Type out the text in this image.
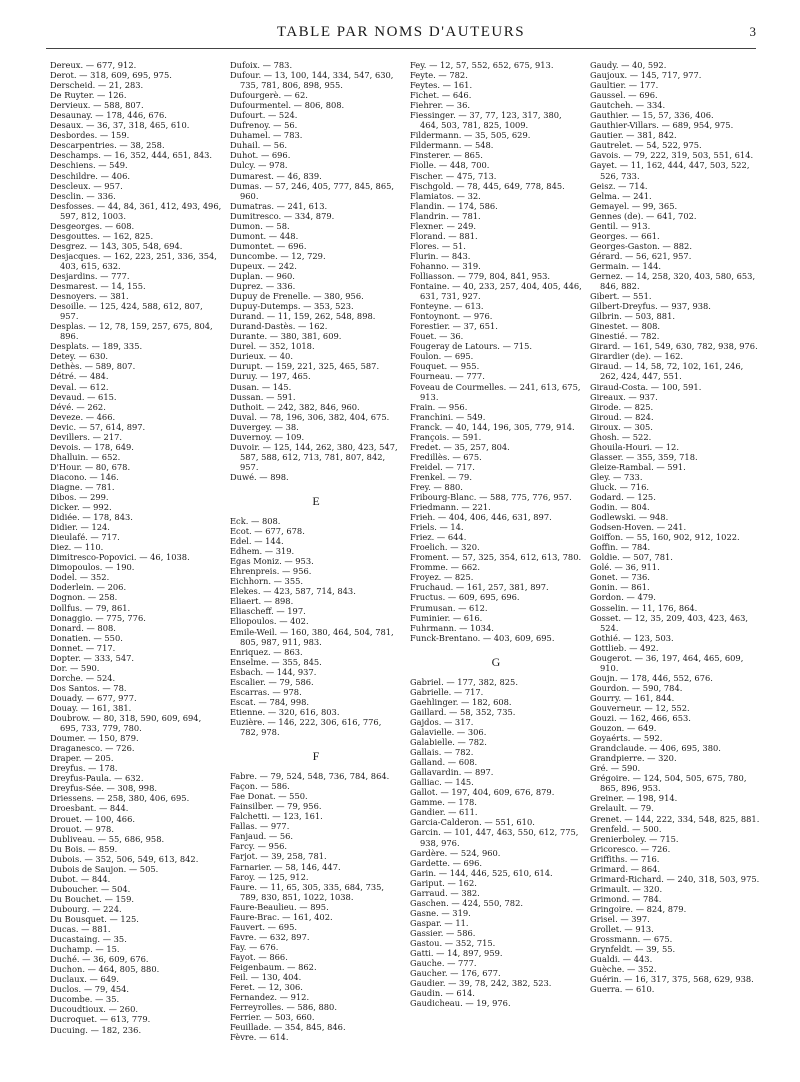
TABLE PAR NOMS D'AUTEURS	3
Dereux. — 677, 912.
Derot. — 318, 609, 695, 975.
Derscheid. — 21, 283.
De Ruyter. — 126.
Dervieux. — 588, 807.
Desaunay. — 178, 446, 676.
Desaux. — 36, 37, 318, 465, 610.
Desbordes. — 159.
Descarpentries. — 38, 258.
Deschamps. — 16, 352, 444, 651, 843.
Deschiens. — 549.
Deschildre. — 406.
Descleux. — 957.
Desclin. — 336.
Desfosses. — 44, 84, 361, 412, 493, 496, 597, 812, 1003.
Desgeorges. — 608.
Desgouttes. — 162, 825.
Desgrez. — 143, 305, 548, 694.
Desjacques. — 162, 223, 251, 336, 354, 403, 615, 632.
Desjardins. — 777.
Desmarest. — 14, 155.
Desnoyers. — 381.
Desoille. — 125, 424, 588, 612, 807, 957.
Desplas. — 12, 78, 159, 257, 675, 804, 896.
Desplats. — 189, 335.
Detey. — 630.
Dethès. — 589, 807.
Détré. — 484.
Deval. — 612.
Devaud. — 615.
Dévé. — 262.
Deveze. — 466.
Devic. — 57, 614, 897.
Devillers. — 217.
Devois. — 178, 649.
Dhalluin. — 652.
D'Hour. — 80, 678.
Diacono. — 146.
Diagne. — 781.
Dibos. — 299.
Dicker. — 992.
Didiée. — 178, 843.
Didier. — 124.
Dieulafé. — 717.
Diez. — 110.
Dimitresco-Popovici. — 46, 1038.
Dimopoulos. — 190.
Dodel. — 352.
Doderlein. — 206.
Dognon. — 258.
Dollfus. — 79, 861.
Donaggio. — 775, 776.
Donard. — 808.
Donatien. — 550.
Donnet. — 717.
Dopter. — 333, 547.
Dor. — 590.
Dorche. — 524.
Dos Santos. — 78.
Douady. — 677, 977.
Douay. — 161, 381.
Doubrow. — 80, 318, 590, 609, 694, 695, 733, 779, 780.
Doumer. — 150, 879.
Draganesco. — 726.
Draper. — 205.
Dreyfus. — 178.
Dreyfus-Paula. — 632.
Dreyfus-Sée. — 308, 998.
Driessens. — 258, 380, 406, 695.
Droesbant. — 844.
Drouet. — 100, 466.
Drouot. — 978.
Dubliveau. — 55, 686, 958.
Du Bois. — 859.
Dubois. — 352, 506, 549, 613, 842.
Dubois de Saujon. — 505.
Dubot. — 844.
Duboucher. — 504.
Du Bouchet. — 159.
Dubourg. — 224.
Du Bousquet. — 125.
Ducas. — 881.
Ducastaing. — 35.
Duchamp. — 15.
Duché. — 36, 609, 676.
Duchon. — 464, 805, 880.
Duclaux. — 649.
Duclos. — 79, 454.
Ducombe. — 35.
Ducoudtioux. — 260.
Ducroquet. — 613, 779.
Ducuing. — 182, 236.
Dufoix. — 783.
Dufour. — 13, 100, 144, 334, 547, 630, 735, 781, 806, 898, 955.
Dufourgerè. — 62.
Dufourmentel. — 806, 808.
Dufourt. — 524.
Dufrenoy. — 56.
Duhamel. — 783.
Duhail. — 56.
Duhot. — 696.
Dulcy. — 978.
Dumarest. — 46, 839.
Dumas. — 57, 246, 405, 777, 845, 865, 960.
Dumatras. — 241, 613.
Dumitresco. — 334, 879.
Dumon. — 58.
Dumont. — 448.
Dumontet. — 696.
Duncombe. — 12, 729.
Dupeux. — 242.
Duplan. — 960.
Duprez. — 336.
Dupuy de Frenelle. — 380, 956.
Dupuy-Dutemps. — 353, 523.
Durand. — 11, 159, 262, 548, 898.
Durand-Dastès. — 162.
Durante. — 380, 381, 609.
Durel. — 352, 1018.
Durieux. — 40.
Durupt. — 159, 221, 325, 465, 587.
Duruy. — 197, 465.
Dusan. — 145.
Dussan. — 591.
Duthoit. — 242, 382, 846, 960.
Duval. — 78, 196, 306, 382, 404, 675.
Duvergey. — 38.
Duvernoy. — 109.
Duvoir. — 125, 144, 262, 380, 423, 547, 587, 588, 612, 713, 781, 807, 842, 957.
Duwé. — 898.
E
Eck. — 808.
Ecot. — 677, 678.
Edel. — 144.
Edhem. — 319.
Egas Moniz. — 953.
Ehrenpreis. — 956.
Eichhorn. — 355.
Elekes. — 423, 587, 714, 843.
Eliaert. — 898.
Eliascheff. — 197.
Eliopoulos. — 402.
Emile-Weil. — 160, 380, 464, 504, 781, 805, 987, 911, 983.
Enriquez. — 863.
Enselme. — 355, 845.
Esbach. — 144, 937.
Escalier. — 79, 586.
Escarras. — 978.
Escat. — 784, 998.
Etienne. — 320, 616, 803.
Euzière. — 146, 222, 306, 616, 776, 782, 978.
F
Fabre. — 79, 524, 548, 736, 784, 864.
Façon. — 586.
Fae Donat. — 550.
Fainsilber. — 79, 956.
Falchetti. — 123, 161.
Fallas. — 977.
Fanjaud. — 56.
Farcy. — 956.
Farjot. — 39, 258, 781.
Farnarier. — 58, 146, 447.
Faroy. — 125, 912.
Faure. — 11, 65, 305, 335, 684, 735, 789, 830, 851, 1022, 1038.
Faure-Beaulieu. — 895.
Faure-Brac. — 161, 402.
Fauvert. — 695.
Favre. — 632, 897.
Fay. — 676.
Fayot. — 866.
Feigenbaum. — 862.
Feil. — 130, 404.
Feret. — 12, 306.
Fernandez. — 912.
Ferreyrolles. — 586, 880.
Ferrier. — 503, 660.
Feuillade. — 354, 845, 846.
Fèvre. — 614.
Fey. — 12, 57, 552, 652, 675, 913.
Feyte. — 782.
Feytes. — 161.
Fichet. — 646.
Fiehrer. — 36.
Fiessinger. — 37, 77, 123, 317, 380, 464, 503, 781, 825, 1009.
Fildermann. — 35, 505, 629.
Fildermann. — 548.
Finsterer. — 865.
Fiolle. — 448, 700.
Fischer. — 475, 713.
Fischgold. — 78, 445, 649, 778, 845.
Flamiatos. — 32.
Flandin. — 174, 586.
Flandrin. — 781.
Flexner. — 249.
Florand. — 881.
Flores. — 51.
Flurin. — 843.
Fohanno. — 319.
Folliasson. — 779, 804, 841, 953.
Fontaine. — 40, 233, 257, 404, 405, 446, 631, 731, 927.
Fonteyne. — 613.
Fontoynont. — 976.
Forestier. — 37, 651.
Fouet. — 36.
Fougeray de Latours. — 715.
Foulon. — 695.
Fouquet. — 955.
Fourneau. — 777.
Foveau de Courmelles. — 241, 613, 675, 913.
Frain. — 956.
Franchini. — 549.
Franck. — 40, 144, 196, 305, 779, 914.
François. — 591.
Fredet. — 35, 257, 804.
Fredillès. — 675.
Freidel. — 717.
Frenkel. — 79.
Frey. — 880.
Fribourg-Blanc. — 588, 775, 776, 957.
Friedmann. — 221.
Frieh. — 404, 406, 446, 631, 897.
Friels. — 14.
Friez. — 644.
Froelich. — 320.
Froment. — 57, 325, 354, 612, 613, 780.
Fromme. — 662.
Froyez. — 825.
Fruchaud. — 161, 257, 381, 897.
Fructus. — 609, 695, 696.
Frumusan. — 612.
Fuminier. — 616.
Fuhrmann. — 1034.
Funck-Brentano. — 403, 609, 695.
G
Gabriel. — 177, 382, 825.
Gabrielle. — 717.
Gaehlinger. — 182, 608.
Gaillard. — 58, 352, 735.
Gajdos. — 317.
Galavielle. — 306.
Galabielle. — 782.
Gallais. — 782.
Galland. — 608.
Gallavardin. — 897.
Galliac. — 145.
Gallot. — 197, 404, 609, 676, 879.
Gamme. — 178.
Gandier. — 611.
Garcia-Calderon. — 551, 610.
Garcin. — 101, 447, 463, 550, 612, 775, 938, 976.
Gardère. — 524, 960.
Gardette. — 696.
Garin. — 144, 446, 525, 610, 614.
Gariput. — 162.
Garraud. — 382.
Gaschen. — 424, 550, 782.
Gasne. — 319.
Gaspar. — 11.
Gassier. — 586.
Gastou. — 352, 715.
Gatti. — 14, 897, 959.
Gauche. — 777.
Gaucher. — 176, 677.
Gaudier. — 39, 78, 242, 382, 523.
Gaudin. — 614.
Gaudicheau. — 19, 976.
Gaudy. — 40, 592.
Gaujoux. — 145, 717, 977.
Gaultier. — 177.
Gaussel. — 696.
Gautcheh. — 334.
Gauthier. — 15, 57, 336, 406.
Gauthier-Villars. — 689, 954, 975.
Gautier. — 381, 842.
Gautrelet. — 54, 522, 975.
Gavois. — 79, 222, 319, 503, 551, 614.
Gayet. — 11, 162, 444, 447, 503, 522, 526, 733.
Geisz. — 714.
Gelma. — 241.
Gemayel. — 99, 365.
Gennes (de). — 641, 702.
Gentil. — 913.
Georges. — 661.
Georges-Gaston. — 882.
Gérard. — 56, 621, 957.
Germain. — 144.
Gernez. — 14, 258, 320, 403, 580, 653, 846, 882.
Gibert. — 551.
Gilbert-Dreyfus. — 937, 938.
Gilbrin. — 503, 881.
Ginestet. — 808.
Ginestié. — 782.
Girard. — 161, 549, 630, 782, 938, 976.
Girardier (de). — 162.
Giraud. — 14, 58, 72, 102, 161, 246, 262, 424, 447, 551.
Giraud-Costa. — 100, 591.
Gireaux. — 937.
Girode. — 825.
Giroud. — 824.
Giroux. — 305.
Ghosh. — 522.
Ghouila-Houri. — 12.
Glasser. — 355, 359, 718.
Gleize-Rambal. — 591.
Gley. — 733.
Gluck. — 716.
Godard. — 125.
Godin. — 804.
Godlewski. — 948.
Godsen-Hoven. — 241.
Goiffon. — 55, 160, 902, 912, 1022.
Goffin. — 784.
Goldie. — 507, 781.
Golé. — 36, 911.
Gonet. — 736.
Gonin. — 861.
Gordon. — 479.
Gosselin. — 11, 176, 864.
Gosset. — 12, 35, 209, 403, 423, 463, 524.
Gothié. — 123, 503.
Gottlieb. — 492.
Gougerot. — 36, 197, 464, 465, 609, 910.
Goujn. — 178, 446, 552, 676.
Gourdon. — 590, 784.
Gourry. — 161, 844.
Gouverneur. — 12, 552.
Gouzi. — 162, 466, 653.
Gouzon. — 649.
Goyaérts. — 592.
Grandclaude. — 406, 695, 380.
Grandpierre. — 320.
Gré. — 590.
Grégoire. — 124, 504, 505, 675, 780, 865, 896, 953.
Greiner. — 198, 914.
Grelault. — 79.
Grenet. — 144, 222, 334, 548, 825, 881.
Grenfeld. — 500.
Grenierboley. — 715.
Gricoresco. — 726.
Griffiths. — 716.
Grimard. — 864.
Grimard-Richard. — 240, 318, 503, 975.
Grimault. — 320.
Grimond. — 784.
Gringoire. — 824, 879.
Grisel. — 397.
Grollet. — 913.
Grossmann. — 675.
Grynfeldt. — 39, 55.
Gualdi. — 443.
Guèche. — 352.
Guérin. — 16, 317, 375, 568, 629, 938.
Guerra. — 610.
